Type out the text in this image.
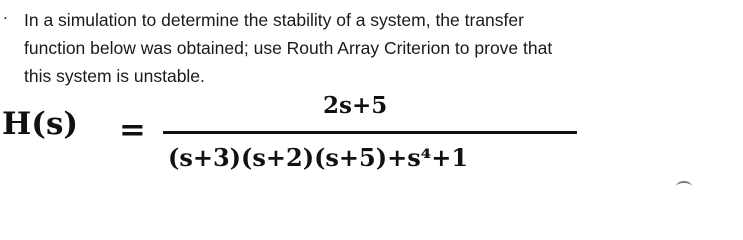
. In a simulation to determine the stability of a system, the transfer
function below was obtained; use Routh Array Criterion to prove that
this system is unstable.
H(s) =
2s+5
(s+3)(s+2)(s+5)+s⁴+1
